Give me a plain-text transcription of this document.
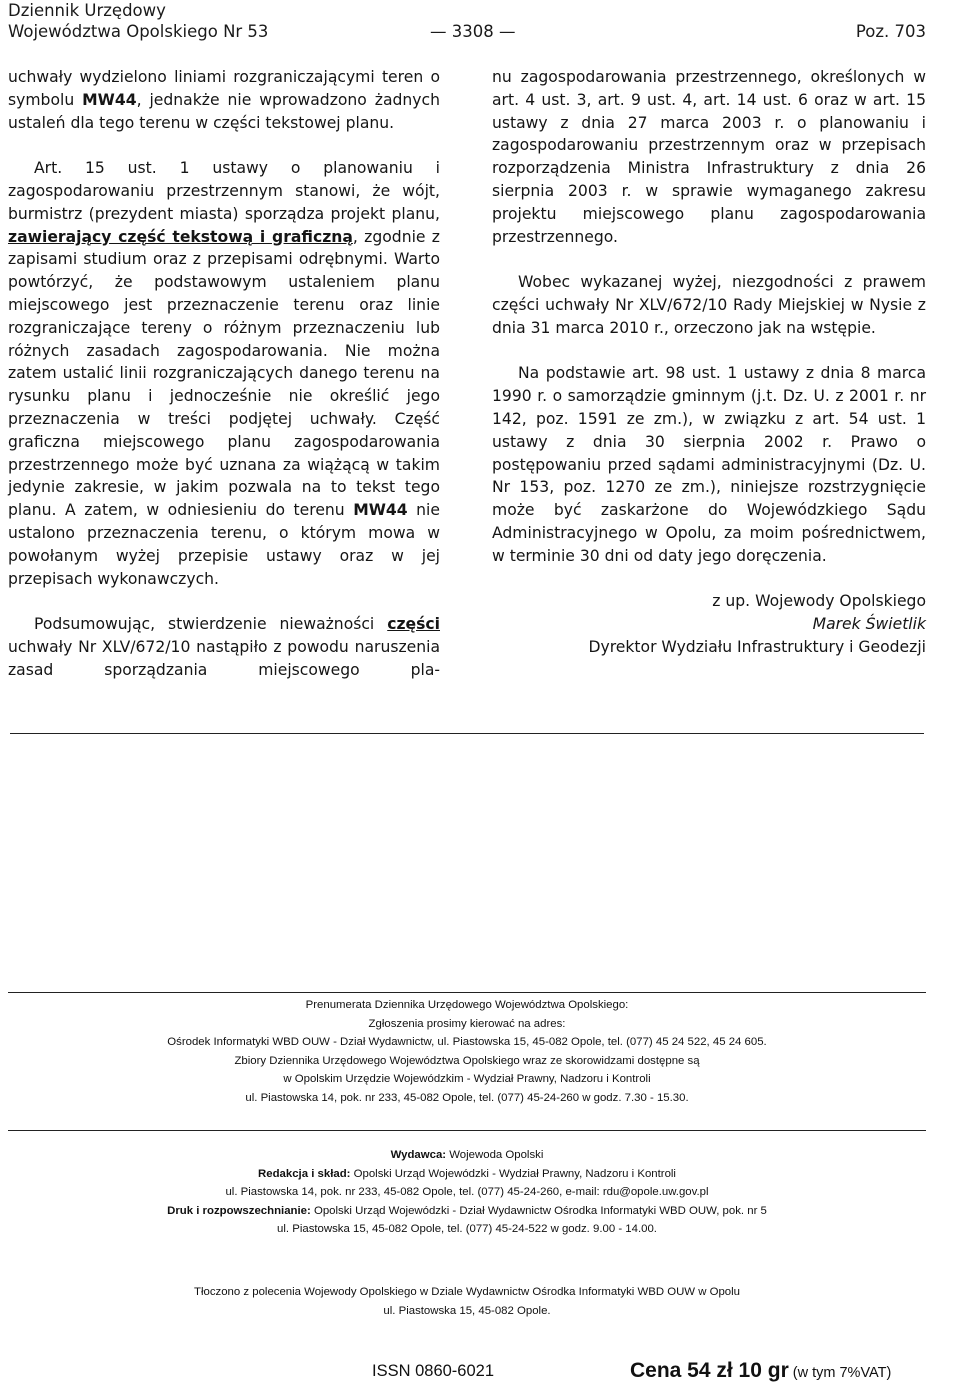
Dziennik Urzędowy
Województwa Opolskiego Nr 53	— 3308 —	Poz. 703

uchwały wydzielono liniami rozgraniczającymi teren o symbolu MW44, jednakże nie wprowadzono żadnych ustaleń dla tego terenu w części tekstowej planu.

Art. 15 ust. 1 ustawy o planowaniu i zagospodarowaniu przestrzennym stanowi, że wójt, burmistrz (prezydent miasta) sporządza projekt planu, zawierający część tekstową i graficzną, zgodnie z zapisami studium oraz z przepisami odrębnymi. Warto powtórzyć, że podstawowym ustaleniem planu miejscowego jest przeznaczenie terenu oraz linie rozgraniczające tereny o różnym przeznaczeniu lub różnych zasadach zagospodarowania. Nie można zatem ustalić linii rozgraniczających danego terenu na rysunku planu i jednocześnie nie określić jego przeznaczenia w treści podjętej uchwały. Część graficzna miejscowego planu zagospodarowania przestrzennego może być uznana za wiążącą w takim jedynie zakresie, w jakim pozwala na to tekst tego planu. A zatem, w odniesieniu do terenu MW44 nie ustalono przeznaczenia terenu, o którym mowa w powołanym wyżej przepisie ustawy oraz w jej przepisach wykonawczych.

Podsumowując, stwierdzenie nieważności części uchwały Nr XLV/672/10 nastąpiło z powodu naruszenia zasad sporządzania miejscowego pla-

nu zagospodarowania przestrzennego, określonych w art. 4 ust. 3, art. 9 ust. 4, art. 14 ust. 6 oraz w art. 15 ustawy z dnia 27 marca 2003 r. o planowaniu i zagospodarowaniu przestrzennym oraz w przepisach rozporządzenia Ministra Infrastruktury z dnia 26 sierpnia 2003 r. w sprawie wymaganego zakresu projektu miejscowego planu zagospodarowania przestrzennego.

Wobec wykazanej wyżej, niezgodności z prawem części uchwały Nr XLV/672/10 Rady Miejskiej w Nysie z dnia 31 marca 2010 r., orzeczono jak na wstępie.

Na podstawie art. 98 ust. 1 ustawy z dnia 8 marca 1990 r. o samorządzie gminnym (j.t. Dz. U. z 2001 r. nr 142, poz. 1591 ze zm.), w związku z art. 54 ust. 1 ustawy z dnia 30 sierpnia 2002 r. Prawo o postępowaniu przed sądami administracyjnymi (Dz. U. Nr 153, poz. 1270 ze zm.), niniejsze rozstrzygnięcie może być zaskarżone do Wojewódzkiego Sądu Administracyjnego w Opolu, za moim pośrednictwem, w terminie 30 dni od daty jego doręczenia.

z up. Wojewody Opolskiego
Marek Świetlik
Dyrektor Wydziału Infrastruktury i Geodezji
Prenumerata Dziennika Urzędowego Województwa Opolskiego:
Zgłoszenia prosimy kierować na adres:
Ośrodek Informatyki WBD OUW - Dział Wydawnictw, ul. Piastowska 15, 45-082 Opole, tel. (077) 45 24 522, 45 24 605.
Zbiory Dziennika Urzędowego Województwa Opolskiego wraz ze skorowidzami dostępne są
w Opolskim Urzędzie Wojewódzkim - Wydział Prawny, Nadzoru i Kontroli
ul. Piastowska 14, pok. nr 233, 45-082 Opole, tel. (077) 45-24-260 w godz. 7.30 - 15.30.
Wydawca: Wojewoda Opolski
Redakcja i skład: Opolski Urząd Wojewódzki - Wydział Prawny, Nadzoru i Kontroli
ul. Piastowska 14, pok. nr 233, 45-082 Opole, tel. (077) 45-24-260, e-mail: rdu@opole.uw.gov.pl
Druk i rozpowszechnianie: Opolski Urząd Wojewódzki - Dział Wydawnictw Ośrodka Informatyki WBD OUW, pok. nr 5
ul. Piastowska 15, 45-082 Opole, tel. (077) 45-24-522 w godz. 9.00 - 14.00.
Tłoczono z polecenia Wojewody Opolskiego w Dziale Wydawnictw Ośrodka Informatyki WBD OUW w Opolu
ul. Piastowska 15, 45-082 Opole.
ISSN 0860-6021	Cena 54 zł 10 gr (w tym 7%VAT)
